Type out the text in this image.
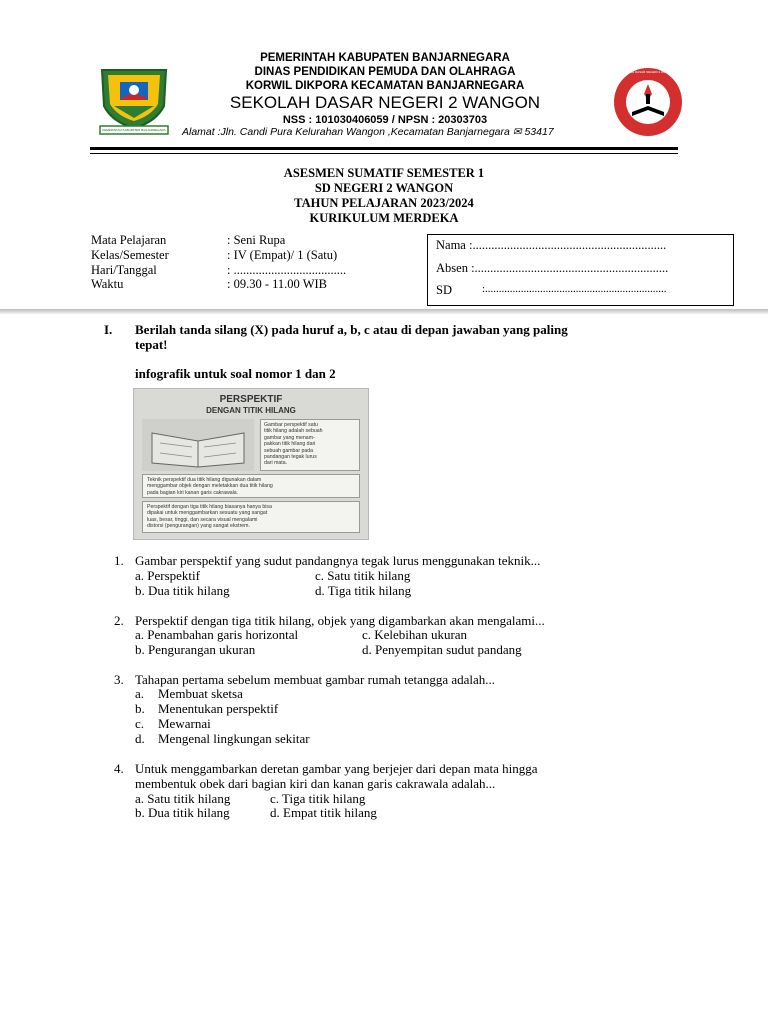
PEMERINTAH KABUPATEN BANJARNEGARA
PEMERINTAH KABUPATEN BANJARNEGARA
DINAS PENDIDIKAN PEMUDA DAN OLAHRAGA
KORWIL DIKPORA KECAMATAN BANJARNEGARA
SEKOLAH DASAR NEGERI 2 WANGON
NSS : 101030406059 / NPSN : 20303703
Alamat :Jln. Candi Pura Kelurahan Wangon ,Kecamatan Banjarnegara ✉ 53417
SEKOLAH DASAR NEGERI 2 WANGON · BANJARNEGARA
ASESMEN SUMATIF SEMESTER 1
SD NEGERI 2 WANGON
TAHUN PELAJARAN 2023/2024
KURIKULUM MERDEKA
Mata Pelajaran	: Seni Rupa
Kelas/Semester	: IV (Empat)/ 1 (Satu)
Hari/Tanggal	: ....................................
Waktu	: 09.30 - 11.00 WIB
Nama :..............................................................
Absen :..............................................................
SD	:..................................................................
I. Berilah tanda silang (X) pada huruf a, b, c atau di depan jawaban yang paling
tepat!
infografik untuk soal nomor 1 dan 2
PERSPEKTIF
DENGAN TITIK HILANG
Gambar perspektif satu
titik hilang adalah sebuah
gambar yang menam-
pakkan titik hilang dari
sebuah gambar pada
pandangan tegak lurus
dari mata.
Teknik perspektif dua titik hilang digunakan dalam
menggambar objek dengan meletakkan dua titik hilang
pada bagian kiri kanan garis cakrawala.
Perspektif dengan tiga titik hilang biasanya hanya bisa
dipakai untuk menggambarkan sesuatu yang sangat
luas, besar, tinggi, dan secara visual mengalami
distorsi (pengurangan) yang sangat ekstrem.
1. Gambar perspektif yang sudut pandangnya tegak lurus menggunakan teknik...
a. Perspektif	c. Satu titik hilang
b. Dua titik hilang	d. Tiga titik hilang
2. Perspektif dengan tiga titik hilang, objek yang digambarkan akan mengalami...
a. Penambahan garis horizontal	c. Kelebihan ukuran
b. Pengurangan ukuran	d. Penyempitan sudut pandang
3. Tahapan pertama sebelum membuat gambar rumah tetangga adalah...
a. Membuat sketsa
b. Menentukan perspektif
c. Mewarnai
d. Mengenal lingkungan sekitar
4. Untuk menggambarkan deretan gambar yang berjejer dari depan mata hingga
membentuk obek dari bagian kiri dan kanan garis cakrawala adalah...
a. Satu titik hilang	c. Tiga titik hilang
b. Dua titik hilang	d. Empat titik hilang
